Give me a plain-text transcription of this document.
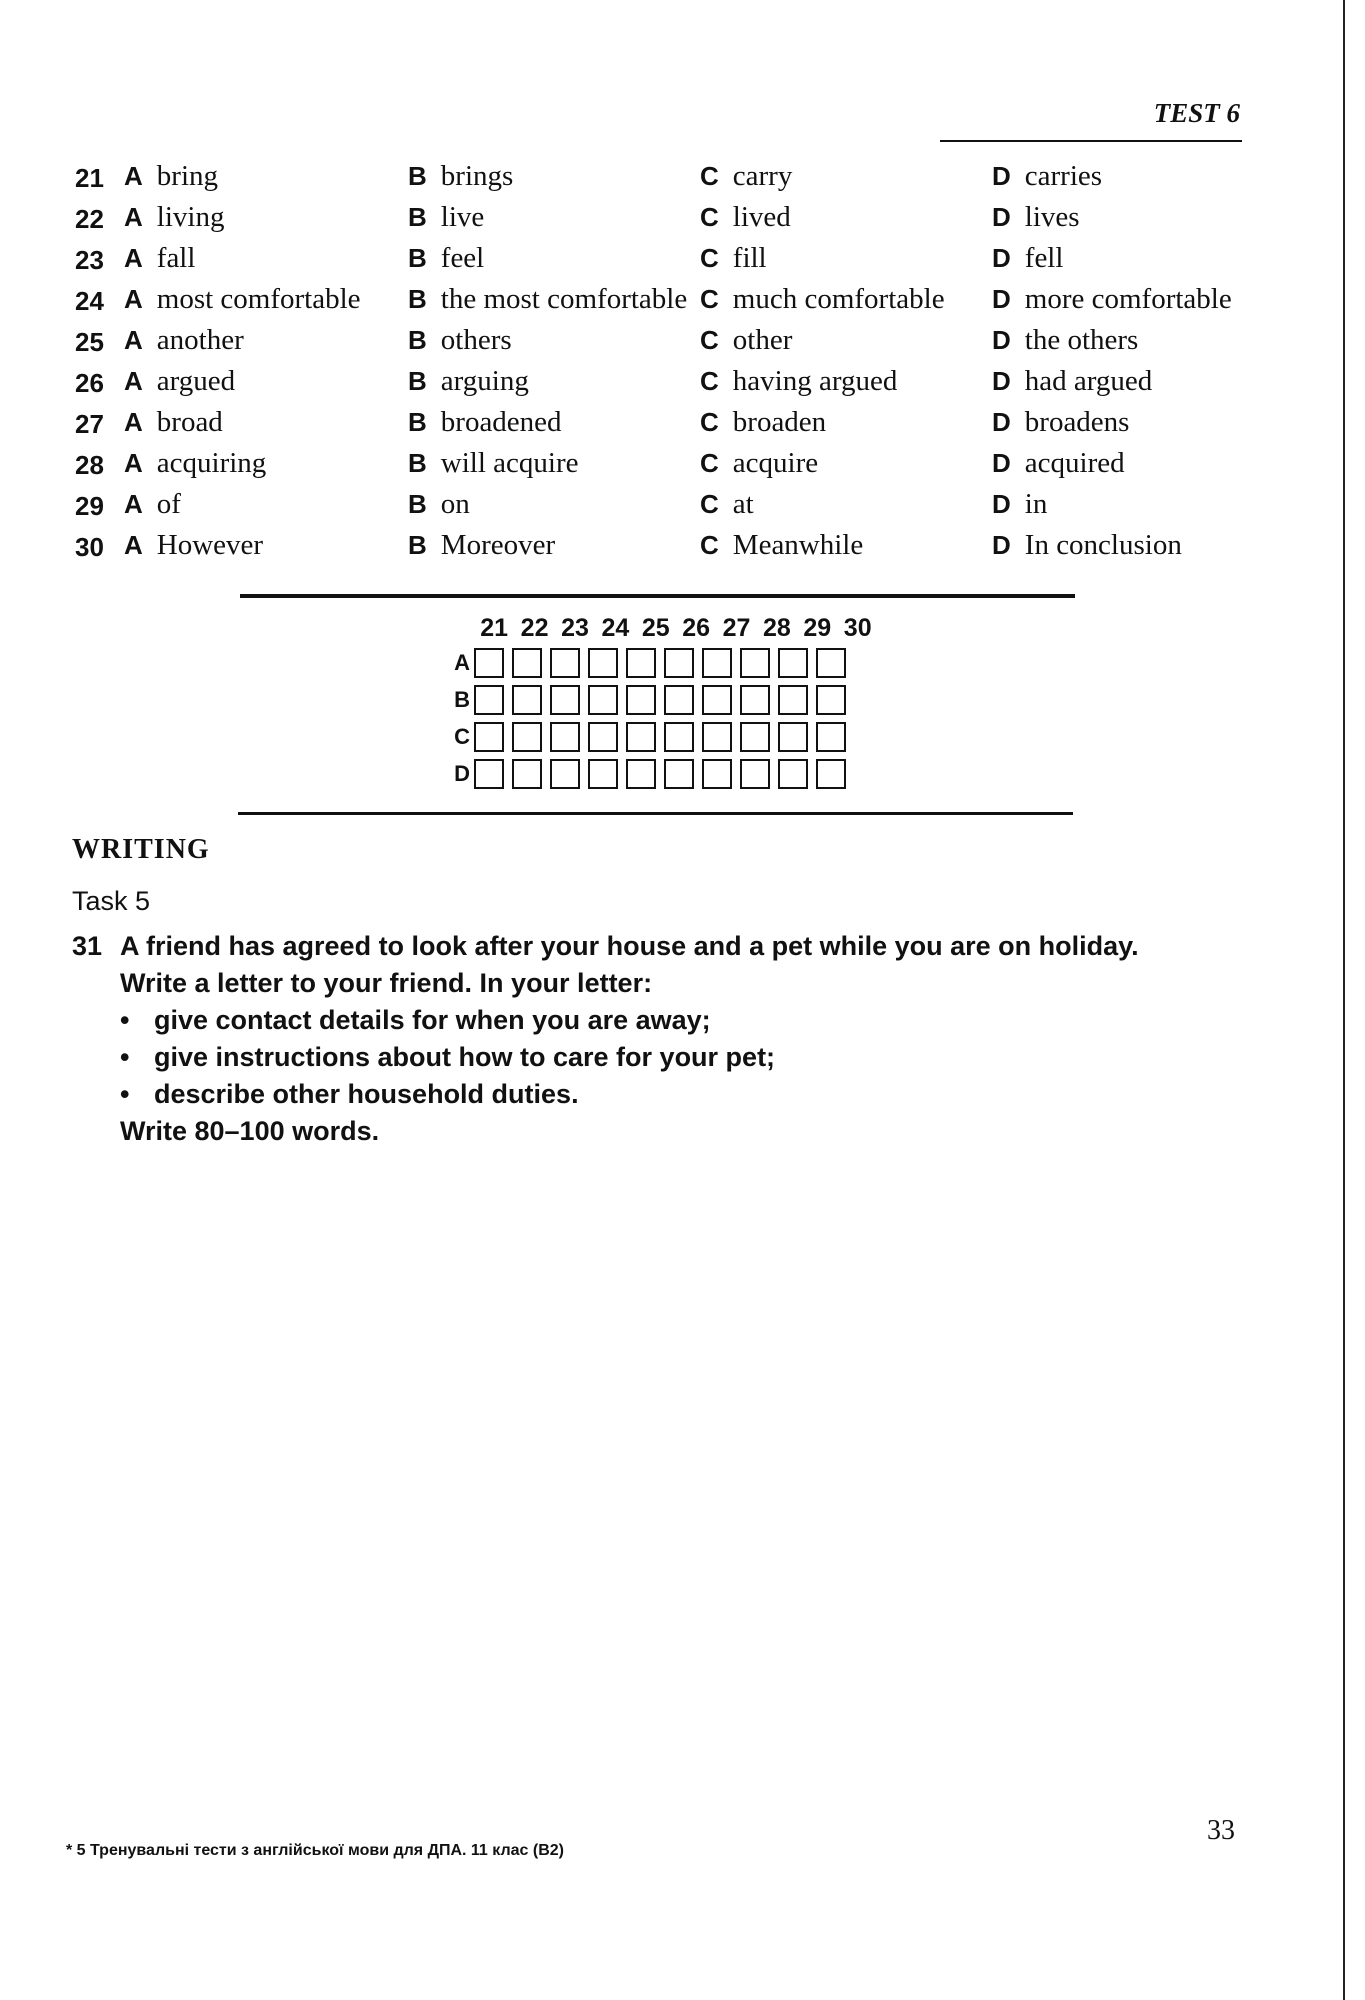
TEST 6
21 A bring	B brings	C carry	D carries
22 A living	B live	C lived	D lives
23 A fall	B feel	C fill	D fell
24 A most comfortable B the most comfortable C much comfortable D more comfortable
25 A another	B others	C other	D the others
26 A argued	B arguing	C having argued	D had argued
27 A broad	B broadened	C broaden	D broadens
28 A acquiring	B will acquire	C acquire	D acquired
29 A of	B on	C at	D in
30 A However	B Moreover	C Meanwhile	D In conclusion
21 22 23 24 25 26 27 28 29 30
A
B
C
D
WRITING
Task 5
31 A friend has agreed to look after your house and a pet while you are on holiday.
Write a letter to your friend. In your letter:
• give contact details for when you are away;
• give instructions about how to care for your pet;
• describe other household duties.
Write 80–100 words.
33
* 5 Тренувальні тести з англійської мови для ДПА. 11 клас (B2)
